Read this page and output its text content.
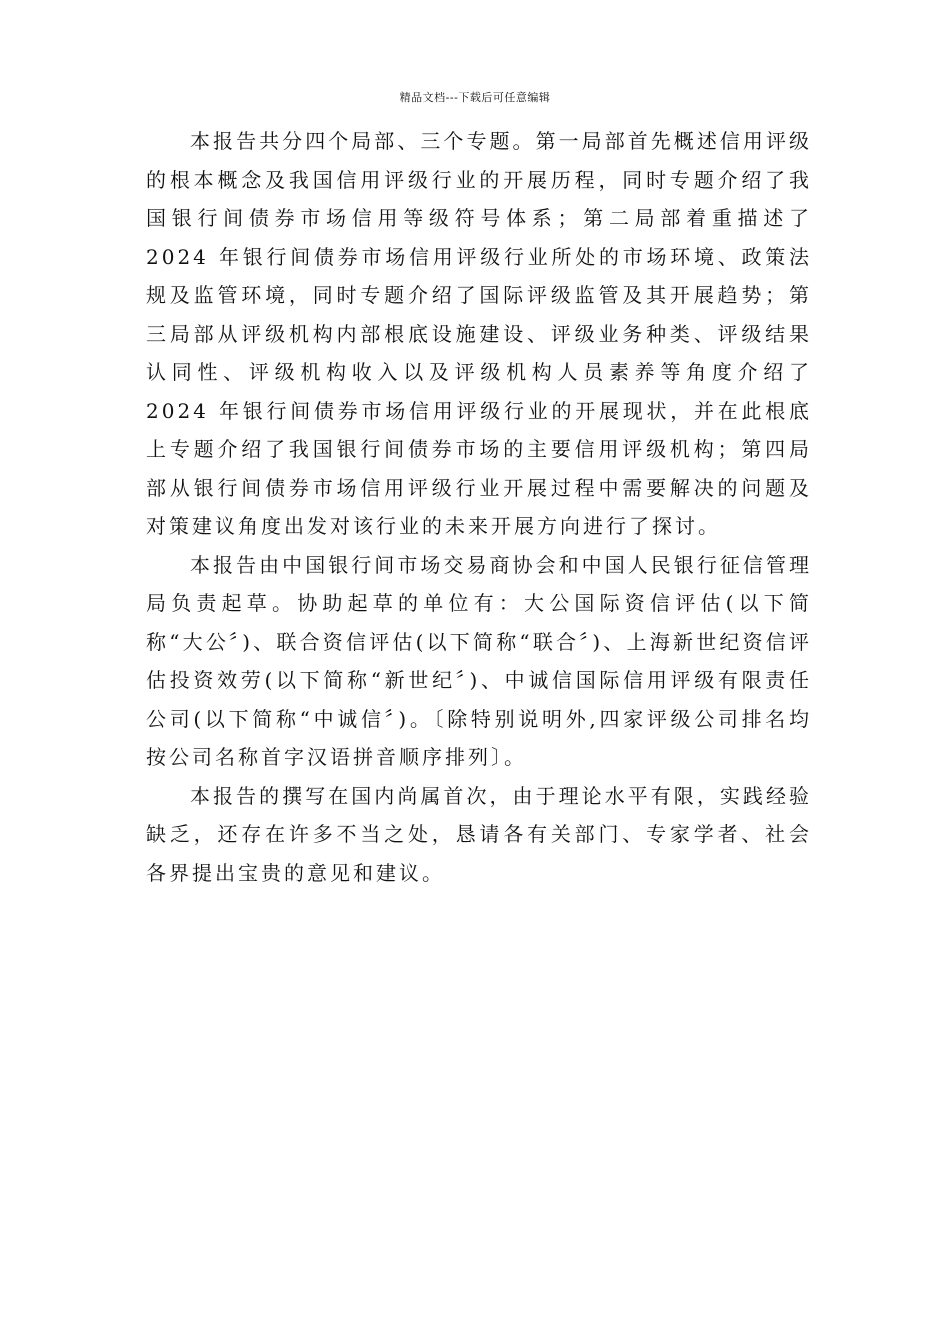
精品文档---下载后可任意编辑

本报告共分四个局部、三个专题。第一局部首先概述信用评级的根本概念及我国信用评级行业的开展历程，同时专题介绍了我国银行间债券市场信用等级符号体系；第二局部着重描述了 2024 年银行间债券市场信用评级行业所处的市场环境、政策法规及监管环境，同时专题介绍了国际评级监管及其开展趋势；第三局部从评级机构内部根底设施建设、评级业务种类、评级结果认同性、评级机构收入以及评级机构人员素养等角度介绍了 2024 年银行间债券市场信用评级行业的开展现状，并在此根底上专题介绍了我国银行间债券市场的主要信用评级机构；第四局部从银行间债券市场信用评级行业开展过程中需要解决的问题及对策建议角度出发对该行业的未来开展方向进行了探讨。

本报告由中国银行间市场交易商协会和中国人民银行征信管理局负责起草。协助起草的单位有：大公国际资信评估(以下简称“大公〞)、联合资信评估(以下简称“联合〞)、上海新世纪资信评估投资效劳(以下简称“新世纪〞)、中诚信国际信用评级有限责任公司(以下简称“中诚信〞)。〔除特别说明外,四家评级公司排名均按公司名称首字汉语拼音顺序排列〕。

本报告的撰写在国内尚属首次，由于理论水平有限，实践经验缺乏，还存在许多不当之处，恳请各有关部门、专家学者、社会各界提出宝贵的意见和建议。
